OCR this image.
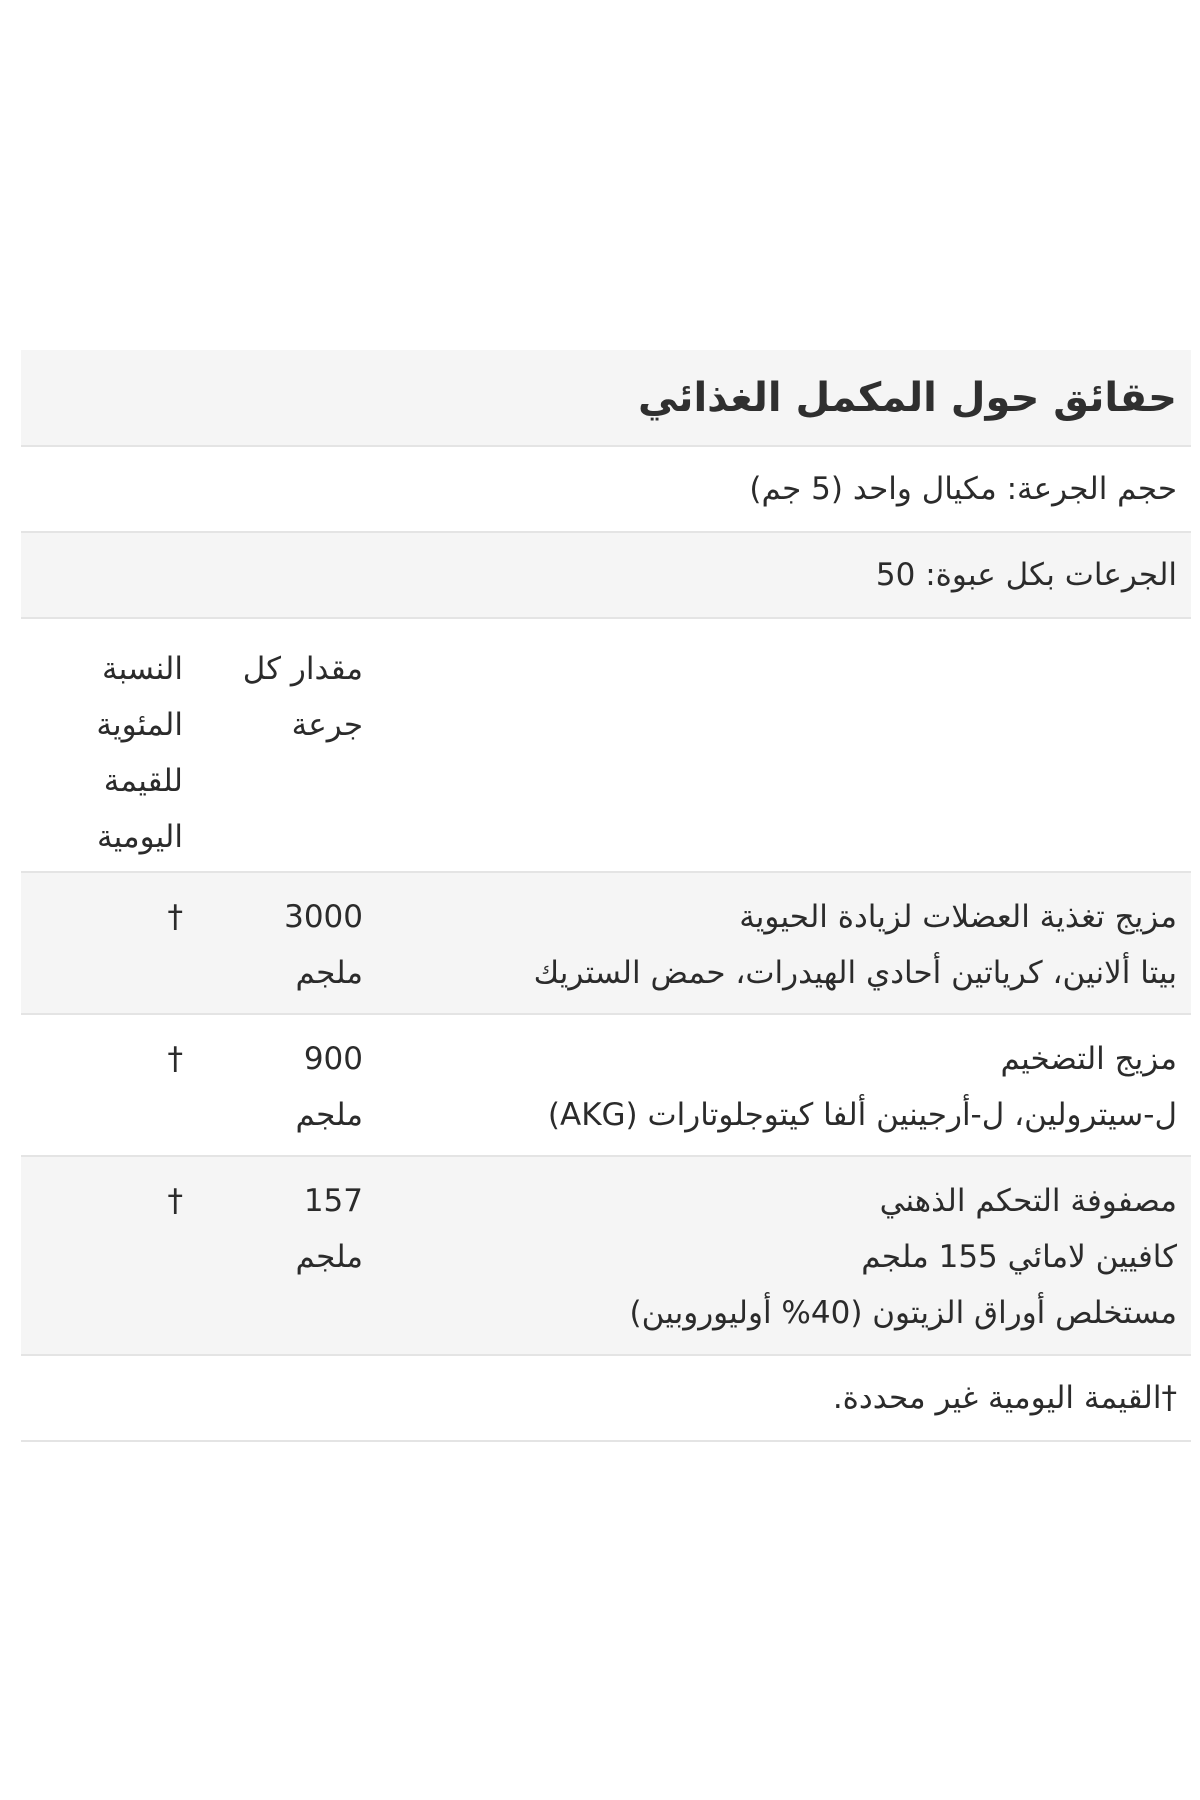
حقائق حول المكمل الغذائي
حجم الجرعة: مكيال واحد (5 جم)
الجرعات بكل عبوة: 50
مقدار كل جرعة
النسبة المئوية للقيمة اليومية
مزيج تغذية العضلات لزيادة الحيوية
بيتا ألانين، كرياتين أحادي الهيدرات، حمض الستريك
3000
ملجم
†
مزيج التضخيم
ل-سيترولين، ل-أرجينين ألفا كيتوجلوتارات (AKG)
900
ملجم
†
مصفوفة التحكم الذهني
كافيين لامائي 155 ملجم
مستخلص أوراق الزيتون (40% أوليوروبين)
157
ملجم
†
†القيمة اليومية غير محددة.
